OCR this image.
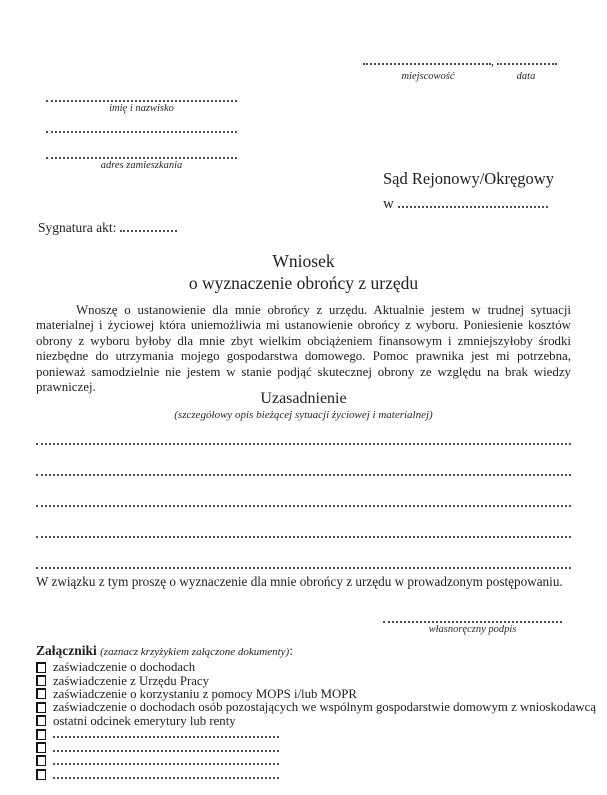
,
miejscowość	data
imię i nazwisko
adres zamieszkania
Sąd Rejonowy/Okręgowy
w
Sygnatura akt:
Wniosek
o wyznaczenie obrońcy z urzędu
Wnoszę o ustanowienie dla mnie obrońcy z urzędu. Aktualnie jestem w trudnej sytuacji materialnej i życiowej która uniemożliwia mi ustanowienie obrońcy z wyboru. Poniesienie kosztów obrony z wyboru byłoby dla mnie zbyt wielkim obciążeniem finansowym i zmniejszyłoby środki niezbędne do utrzymania mojego gospodarstwa domowego. Pomoc prawnika jest mi potrzebna, ponieważ samodzielnie nie jestem w stanie podjąć skutecznej obrony ze względu na brak wiedzy prawniczej.
Uzasadnienie
(szczegółowy opis bieżącej sytuacji życiowej i materialnej)
W związku z tym proszę o wyznaczenie dla mnie obrońcy z urzędu w prowadzonym postępowaniu.
własnoręczny podpis
Załączniki (zaznacz krzyżykiem załączone dokumenty):
zaświadczenie o dochodach
zaświadczenie z Urzędu Pracy
zaświadczenie o korzystaniu z pomocy MOPS i/lub MOPR
zaświadczenie o dochodach osób pozostających we wspólnym gospodarstwie domowym z wnioskodawcą
ostatni odcinek emerytury lub renty
